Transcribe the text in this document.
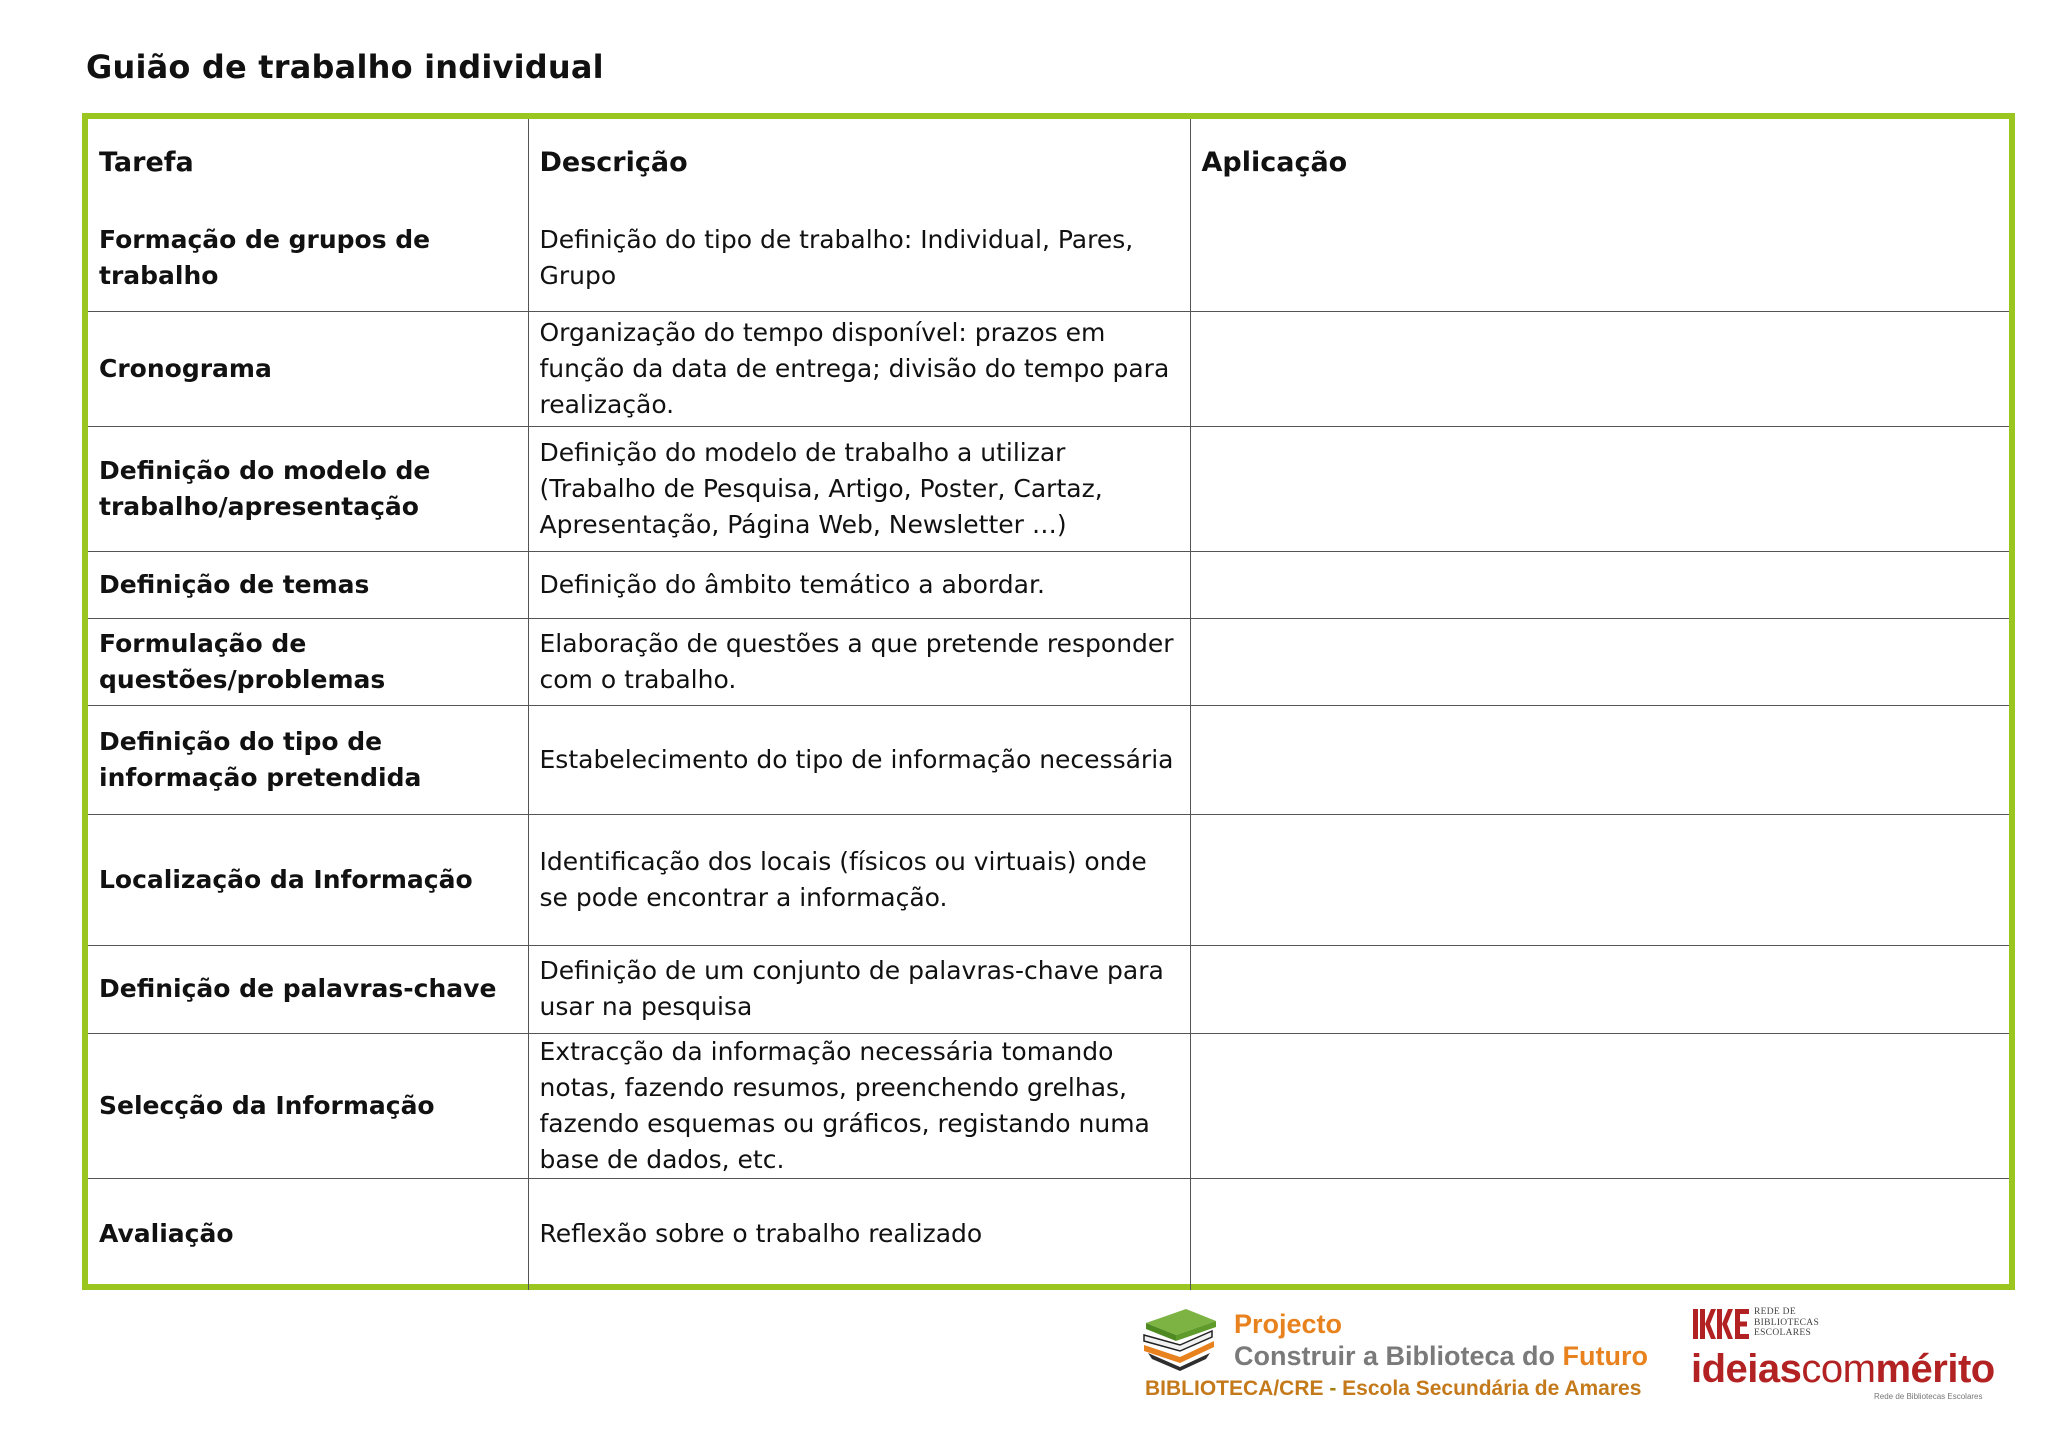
Guião de trabalho individual
Tarefa	Descrição	Aplicação
Formação de grupos de trabalho	Definição do tipo de trabalho: Individual, Pares, Grupo	
Cronograma	Organização do tempo disponível: prazos em função da data de entrega; divisão do tempo para realização.	
Definição do modelo de trabalho/apresentação	Definição do modelo de trabalho a utilizar (Trabalho de Pesquisa, Artigo, Poster, Cartaz, Apresentação, Página Web, Newsletter …)	
Definição de temas	Definição do âmbito temático a abordar.	
Formulação de questões/problemas	Elaboração de questões a que pretende responder com o trabalho.	
Definição do tipo de informação pretendida	Estabelecimento do tipo de informação necessária	
Localização da Informação	Identificação dos locais (físicos ou virtuais) onde se pode encontrar a informação.	
Definição de palavras-chave	Definição de um conjunto de palavras-chave para usar na pesquisa	
Selecção da Informação	Extracção da informação necessária tomando notas, fazendo resumos, preenchendo grelhas, fazendo esquemas ou gráficos, registando numa base de dados, etc.	
Avaliação	Reflexão sobre o trabalho realizado	
Projecto
Construir a Biblioteca do Futuro
BIBLIOTECA/CRE - Escola Secundária de Amares
REDE DE
BIBLIOTECAS
ESCOLARES
ideiascommérito
Rede de Bibliotecas Escolares
